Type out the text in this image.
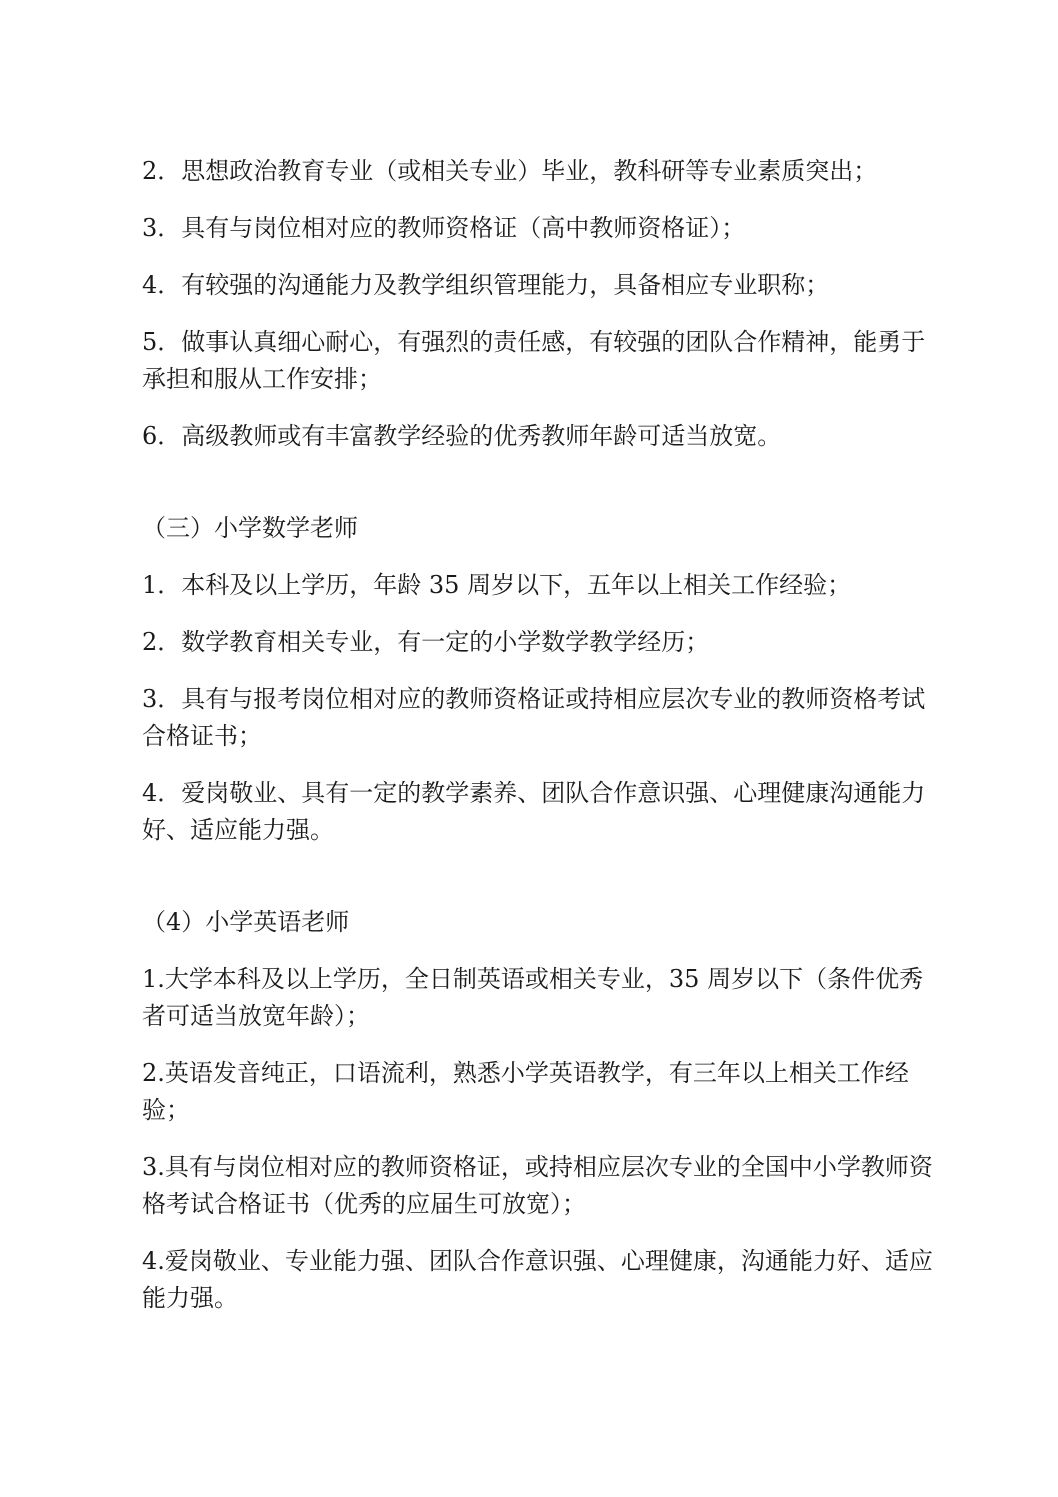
2．思想政治教育专业（或相关专业）毕业，教科研等专业素质突出；

3．具有与岗位相对应的教师资格证（高中教师资格证）；

4．有较强的沟通能力及教学组织管理能力，具备相应专业职称；

5．做事认真细心耐心，有强烈的责任感，有较强的团队合作精神，能勇于承担和服从工作安排；

6．高级教师或有丰富教学经验的优秀教师年龄可适当放宽。

（三）小学数学老师

1．本科及以上学历，年龄 35 周岁以下，五年以上相关工作经验；

2．数学教育相关专业，有一定的小学数学教学经历；

3．具有与报考岗位相对应的教师资格证或持相应层次专业的教师资格考试合格证书；

4．爱岗敬业、具有一定的教学素养、团队合作意识强、心理健康沟通能力好、适应能力强。

（4）小学英语老师

1.大学本科及以上学历，全日制英语或相关专业，35 周岁以下（条件优秀者可适当放宽年龄）；

2.英语发音纯正，口语流利，熟悉小学英语教学，有三年以上相关工作经验；

3.具有与岗位相对应的教师资格证，或持相应层次专业的全国中小学教师资格考试合格证书（优秀的应届生可放宽）；

4.爱岗敬业、专业能力强、团队合作意识强、心理健康，沟通能力好、适应能力强。
